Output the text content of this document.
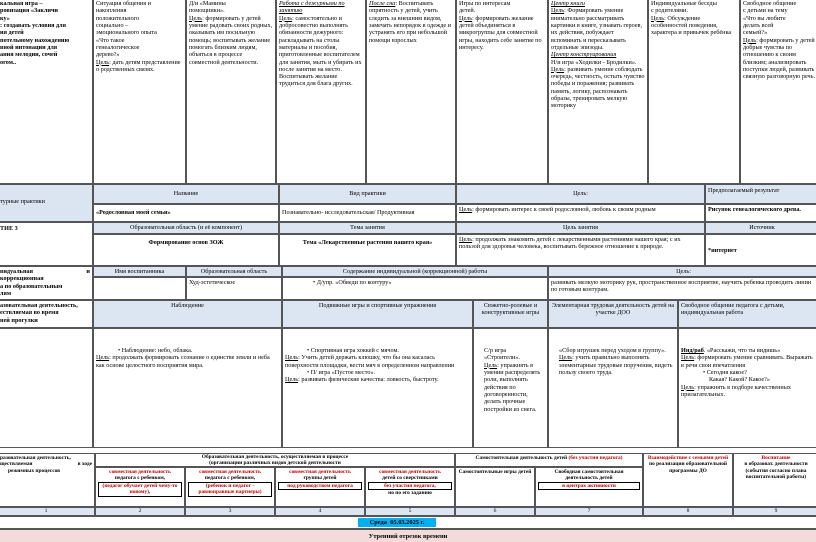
кальная игра –
ровизация «Закличи
ку»
: создавать условия для
ия детей
потельному нахождению
вной интонации для
ания мелодии, сочей
огом..
Ситуация общения и
накопления
положительного
социально –
эмоционального опыта
«Что такое
генеалогическое
дерево?»
Цель: дать детям представление о родственных связях.
Д/и «Мамины
помощники».
Цель: формировать у детей умение радовать своих родных, оказывать им посильную помощь; воспитывать желание помогать близким людям, объяться в процессе совместной деятельности.
Работа с дежурными по занятию
Цель: самостоятельно и добросовестно выполнять обязанности дежурного: раскладывать на столы материалы и пособия, приготовленные воспитателем для занятия, мыть и убирать их после занятия на место. Воспитывать желание трудиться для блага других.
После сна: Воспитывать опрятность у детей, учить следить за внешним видом, замечать непорядок в одежде и устранять его при небольшой помощи взрослых
Игры по интересам
детей.
Цель: формировать желание детей объединяться в микрогруппы для совместной игры, находить себе занятие по интересу.
Центр книги
Цель: Формировать умение внимательно рассматривать картинки в книге, узнавать героев, их действия, побуждает вспоминать и пересказывать отдельные эпизоды.
Центр конструирования
Н/и игра «Ходилки - Бродилки».
Цель: развивать умение соблюдать очередь, честность, остыть чувство победы и поражения; развивать память, логику, распознавать образы, тренировать мелкую моторику
Индивидуальные беседы
с родителями.
Цель: Обсуждение особенностей поведения, характера и привычек ребёнка
Свободное общение
с детьми на тему
«Что вы любите
делать всей
семьей?»
Цель: формировать у детей добрые чувства по отношению к своим близким; анализировать поступки людей, развивать связную разговорную речь.
турные практики
Название	Вид практики	Цель:	Предполагаемый результат
«Родословная моей семьи»	Познавательно- исследовательская/ Продуктивная	Цель: формировать интерес к своей родословной, любовь к своим родным	Рисунок генеалогического древа.
ТИЕ 3	Образовательная область (и её компонент)	Тема занятия	Цель занятия	Источник
Формирование основ ЗОЖ	Тема «Лекарственные растения нашего края»	Цель: продолжать знакомить детей с лекарственными растениями нашего края; с их пользой для здоровья человека, воспитывать бережное отношение к природе.
*интернет
видуальная	и
коррекционная
а по образовательным
лям
Имя воспитанника	Образовательная область	Содержание индивидуальной (коррекционной) работы	Цель:
Худ-эстетическое
•	Д/упр. «Обведи по контуру»	развивать мелкую моторику рук, пространственное восприятие, научить ребенка проводить линии по готовым контурам.
азовательная деятельность,
ествляемая во время
ней прогулки
Наблюдение	Подвижные игры и спортивные упражнения	Сюжетно-ролевые и конструктивные игры
Элементарная трудовая деятельность детей на участке ДОО
Свободное общение педагога с детьми, индивидуальная работа
• Наблюдение: небо, облака.
Цель: продолжать формировать сознание о единстве земли и неба как основе целостного восприятия мира.
• Спортивная игра хоккей с мячом.
Цель: Учить детей держать клюшку, что бы она касалась поверхности площадки, вести мяч в определенном направлении
• П/ игра «Пустое место».
Цель: развивать физические качества: ловкость, быстроту.
С/р игра
«Строители».
Цель: упражнять в умении распределять роли, выполнять действия по договоренности, делать прочные постройки из снега.
«Сбор игрушек перед уходом в группу».
Цель: учить правильно выполнять элементарные трудовые поручения, видеть пользу своего труда.
Инд/раб. «Расскажи, что ты видишь»
Цель: формировать умение сравнивать. Выражать в речи свои впечатления
• Сегодня какое?
Какая? Какой? Какое?»
Цель: упражнять в подборе качественных прилагательных.
разовательная деятельность,
ществляемая	в ходе
режимных процессов
Образовательная деятельность, осуществляемая в процессе
(организации различных видов детской деятельности
Самостоятельная деятельность детей (без участия педагога)	Взаимодействие с семьями детей
по реализации образовательной программы ДО
Воспитание
в образоват. деятельности (события согласно плана воспитательной работы)
совместная деятельность
педагога с ребенком,
(педагог обучает детей чему-то новому),
совместная деятельность
педагога с ребенком,
(ребенок и педагог - равноправные партнеры)
совместная деятельность
группы детей
под руководством педагога
совместная деятельность
детей со сверстниками
без участия педагога,
но по его заданию
Самостоятельные игры детей	Свободная самостоятельная деятельность детей
в центрах активности
1	2	3	4	5	6	7	8	9
Среда 05.03.2025 г.
Утренний отрезок времени
